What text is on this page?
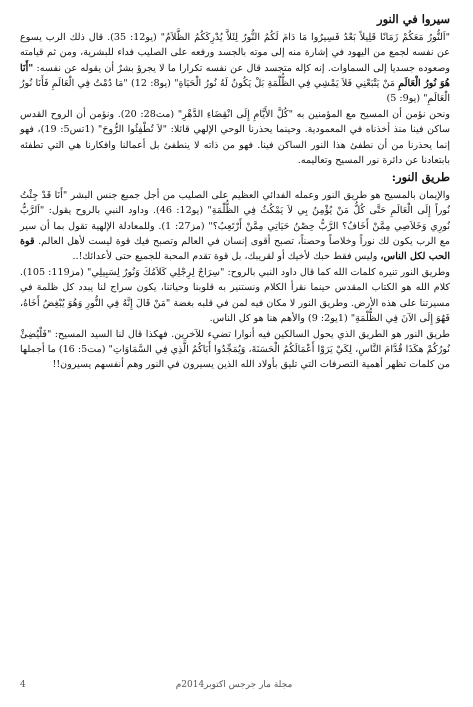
سيروا في النور

"اَلنُّورُ مَعَكُمْ زَمَانًا قَلِيلاً بَعْدُ فَسِيرُوا مَا دَامَ لَكُمُ النُّورُ لِئَلاَّ يُدْرِكَكُمُ الظَّلاَمُ" (يو12: 35). قال ذلك الرب يسوع عن نفسه لجمع من اليهود في إشارة منه إلى موته بالجسد ورفعه على الصليب فداء للبشرية، ومن ثم قيامته وصعوده جسديا إلى السماوات. إنه كإله متجسد قال عن نفسه تكرارا ما لا يجرؤ بشرٌ أن يقوله عن نفسه: "أَنَا هُوَ نُورُ الْعَالَمِ مَنْ يَتْبَعْنِي فَلاَ يَمْشِي فِي الظُّلْمَةِ بَلْ يَكُونُ لَهُ نُورُ الْحَيَاةِ" (يو8: 12) "مَا دُمْتُ فِي الْعَالَمِ فَأَنَا نُورُ الْعَالَمِ" (يو9: 5)

ونحن نؤمن أن المسيح مع المؤمنين به "كُلَّ الأَيَّامِ إِلَى انْقِضَاءِ الدَّهْرِ" (مت28: 20). ونؤمن أن الروح القدس ساكن فينا منذ أخذناه في المعمودية. وحينما يحذرنا الوحي الإلهي قائلا: "لاَ تُطْفِئُوا الرُّوحَ" (1تس5: 19)، فهو إنما يحذرنا من أن نطفئ هذا النور الساكن فينا. فهو من ذاته لا ينطفئ بل أعمالنا وافكارنا هي التي تطفئه بابتعادنا عن دائرة نور المسيح وتعاليمه.

طريق النور:

والإيمان بالمسيح هو طريق النور وعمله الفدائي العظيم على الصليب من أجل جميع جنس البشر "أَنَا قَدْ جِئْتُ نُوراً إِلَى الْعَالَمِ حَتَّى كُلُّ مَنْ يُؤْمِنُ بِي لاَ يَمْكُثُ فِي الظُّلْمَةِ" (يو12: 46). وداود النبي بالروح يقول: "اَلرَّبُّ نُورِي وَخَلاَصِي مِمَّنْ أَخَافُ؟ الرَّبُّ حِصْنُ حَيَاتِي مِمَّنْ أَرْتَعِبُ؟" (مز27: 1). وللمعادلة الإلهية تقول بما أن سير مع الرب يكون لك نوراً وخلاصاً وحصناً، تصبح أقوى إنسان في العالم وتصبح فيك قوة ليست لأهل العالم. قوة الحب لكل الناس، وليس فقط حبك لأخيك أو لقريبك، بل قوة تقدم المحبة للجميع حتى لأعدائك!..

وطريق النور تنيره كلمات الله كما قال داود النبي بالروح: "سِرَاجٌ لِرِجْلِي كَلاَمُكَ وَنُورٌ لِسَبِيلِي" (مز119: 105). كلام الله هو الكتاب المقدس حينما نقرأ الكلام ونستنير به قلوبنا وحياتنا، يكون سراج لنا يبدد كل ظلمة في مسيرتنا على هذه الأرض. وطريق النور لا مكان فيه لمن في قلبه بغضة "مَنْ قَالَ إِنَّهُ فِي النُّورِ وَهُوَ يُبْغِضُ أَخَاهُ، فَهُوَ إِلَى الآنَ فِي الظُّلْمَةِ" (1يو2: 9) والأهم هنا هو كل الناس.

طريق النور هو الطريق الذي يحول السالكين فيه أنوارا تضيء للآخرين. فهكذا قال لنا السيد المسيح: "فَلْيُضِئْ نُورُكُمْ هكَذَا قُدَّامَ النَّاسِ، لِكَيْ يَرَوْا أَعْمَالَكُمُ الْحَسَنَةَ، وَيُمَجِّدُوا أَبَاكُمُ الَّذِي فِي السَّمَاوَاتِ" (مت5: 16) ما أجملها من كلمات تظهر أهمية التصرفات التي تليق بأولاد الله الذين يسيرون في النور وهم أنفسهم يسيرون!!

4	مجلة مار جرجس اكتوبر2014م
